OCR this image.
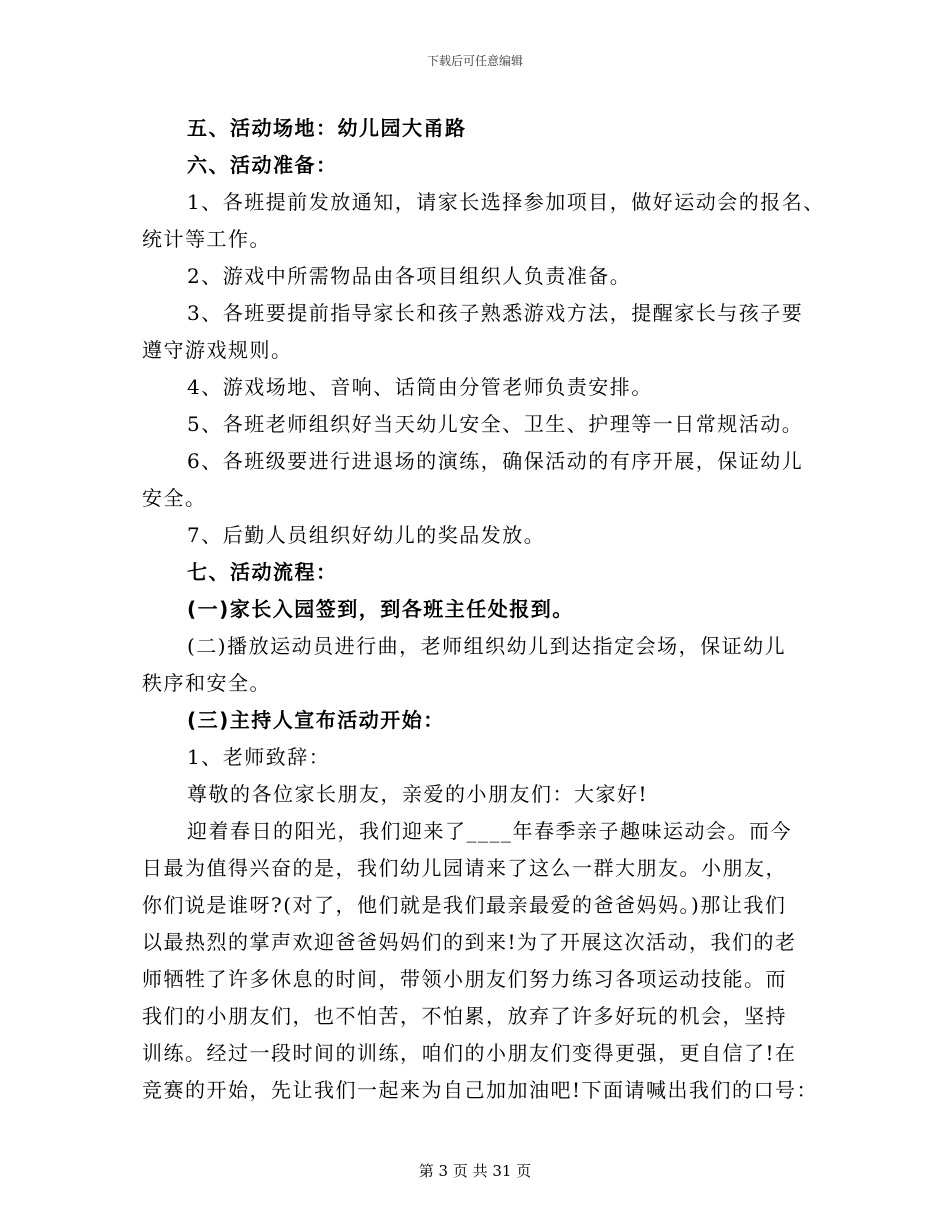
下载后可任意编辑

五、活动场地：幼儿园大甬路

六、活动准备：

1、各班提前发放通知，请家长选择参加项目，做好运动会的报名、

统计等工作。

2、游戏中所需物品由各项目组织人负责准备。

3、各班要提前指导家长和孩子熟悉游戏方法，提醒家长与孩子要

遵守游戏规则。

4、游戏场地、音响、话筒由分管老师负责安排。

5、各班老师组织好当天幼儿安全、卫生、护理等一日常规活动。

6、各班级要进行进退场的演练，确保活动的有序开展，保证幼儿

安全。

7、后勤人员组织好幼儿的奖品发放。

七、活动流程：

(一)家长入园签到，到各班主任处报到。

(二)播放运动员进行曲，老师组织幼儿到达指定会场，保证幼儿

秩序和安全。

(三)主持人宣布活动开始：

1、老师致辞：

尊敬的各位家长朋友，亲爱的小朋友们：大家好!

迎着春日的阳光，我们迎来了____年春季亲子趣味运动会。而今

日最为值得兴奋的是，我们幼儿园请来了这么一群大朋友。小朋友，

你们说是谁呀?(对了，他们就是我们最亲最爱的爸爸妈妈。)那让我们

以最热烈的掌声欢迎爸爸妈妈们的到来!为了开展这次活动，我们的老

师牺牲了许多休息的时间，带领小朋友们努力练习各项运动技能。而

我们的小朋友们，也不怕苦，不怕累，放弃了许多好玩的机会，坚持

训练。经过一段时间的训练，咱们的小朋友们变得更强，更自信了!在

竞赛的开始，先让我们一起来为自己加加油吧!下面请喊出我们的口号：

第 3 页 共 31 页
